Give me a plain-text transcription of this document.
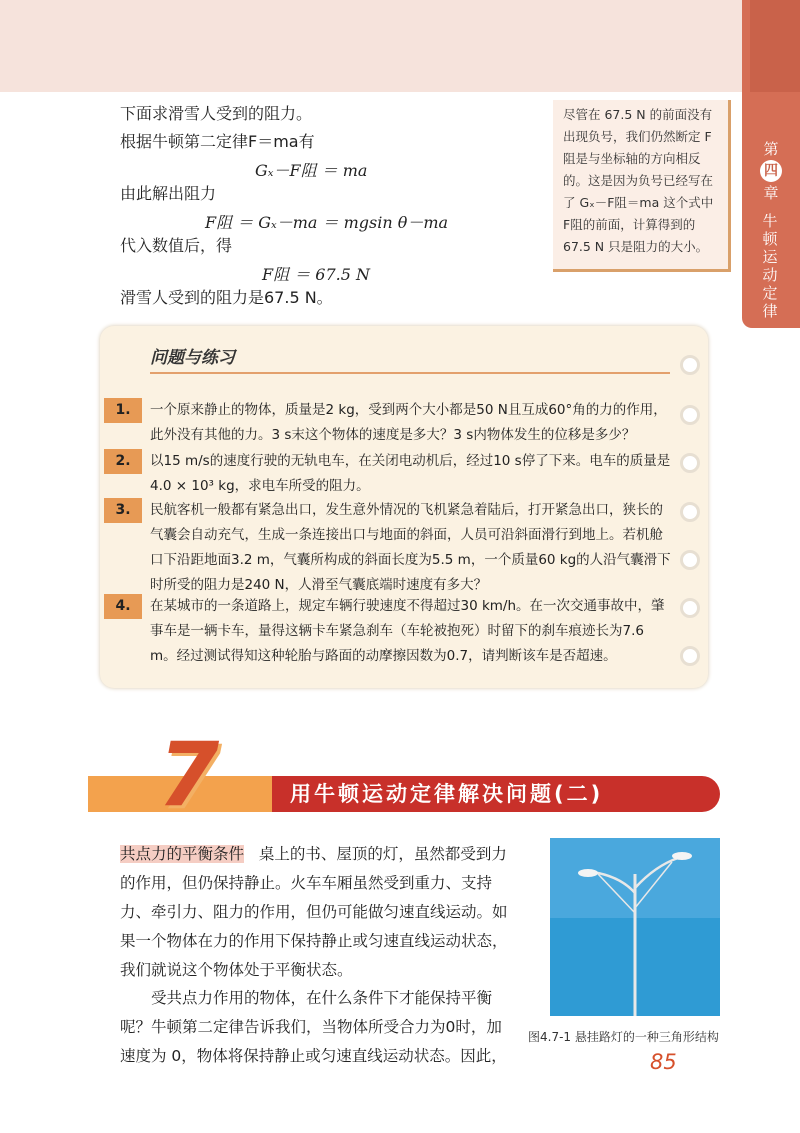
第
四
章
牛顿运动定律
下面求滑雪人受到的阻力。
根据牛顿第二定律F＝ma有
Gₓ－F阻 ＝ ma
由此解出阻力
F阻 ＝ Gₓ－ma ＝ mgsin θ－ma
代入数值后，得
F阻 ＝ 67.5 N
滑雪人受到的阻力是67.5 N。
尽管在 67.5 N 的前面没有出现负号，我们仍然断定 F阻是与坐标轴的方向相反的。这是因为负号已经写在了 Gₓ－F阻＝ma 这个式中 F阻的前面，计算得到的 67.5 N 只是阻力的大小。
问题与练习
1.	一个原来静止的物体，质量是2 kg，受到两个大小都是50 N且互成60°角的力的作用，此外没有其他的力。3 s末这个物体的速度是多大？3 s内物体发生的位移是多少？
2.	以15 m/s的速度行驶的无轨电车，在关闭电动机后，经过10 s停了下来。电车的质量是4.0 × 10³ kg，求电车所受的阻力。
3.	民航客机一般都有紧急出口，发生意外情况的飞机紧急着陆后，打开紧急出口，狭长的气囊会自动充气，生成一条连接出口与地面的斜面，人员可沿斜面滑行到地上。若机舱口下沿距地面3.2 m，气囊所构成的斜面长度为5.5 m，一个质量60 kg的人沿气囊滑下时所受的阻力是240 N，人滑至气囊底端时速度有多大？
4.	在某城市的一条道路上，规定车辆行驶速度不得超过30 km/h。在一次交通事故中，肇事车是一辆卡车，量得这辆卡车紧急刹车（车轮被抱死）时留下的刹车痕迹长为7.6 m。经过测试得知这种轮胎与路面的动摩擦因数为0.7，请判断该车是否超速。
7	用牛顿运动定律解决问题(二)
共点力的平衡条件 桌上的书、屋顶的灯，虽然都受到力的作用，但仍保持静止。火车车厢虽然受到重力、支持力、牵引力、阻力的作用，但仍可能做匀速直线运动。如果一个物体在力的作用下保持静止或匀速直线运动状态，我们就说这个物体处于平衡状态。
受共点力作用的物体，在什么条件下才能保持平衡呢？牛顿第二定律告诉我们，当物体所受合力为0时，加速度为 0，物体将保持静止或匀速直线运动状态。因此，
图4.7-1 悬挂路灯的一种三角形结构
85
